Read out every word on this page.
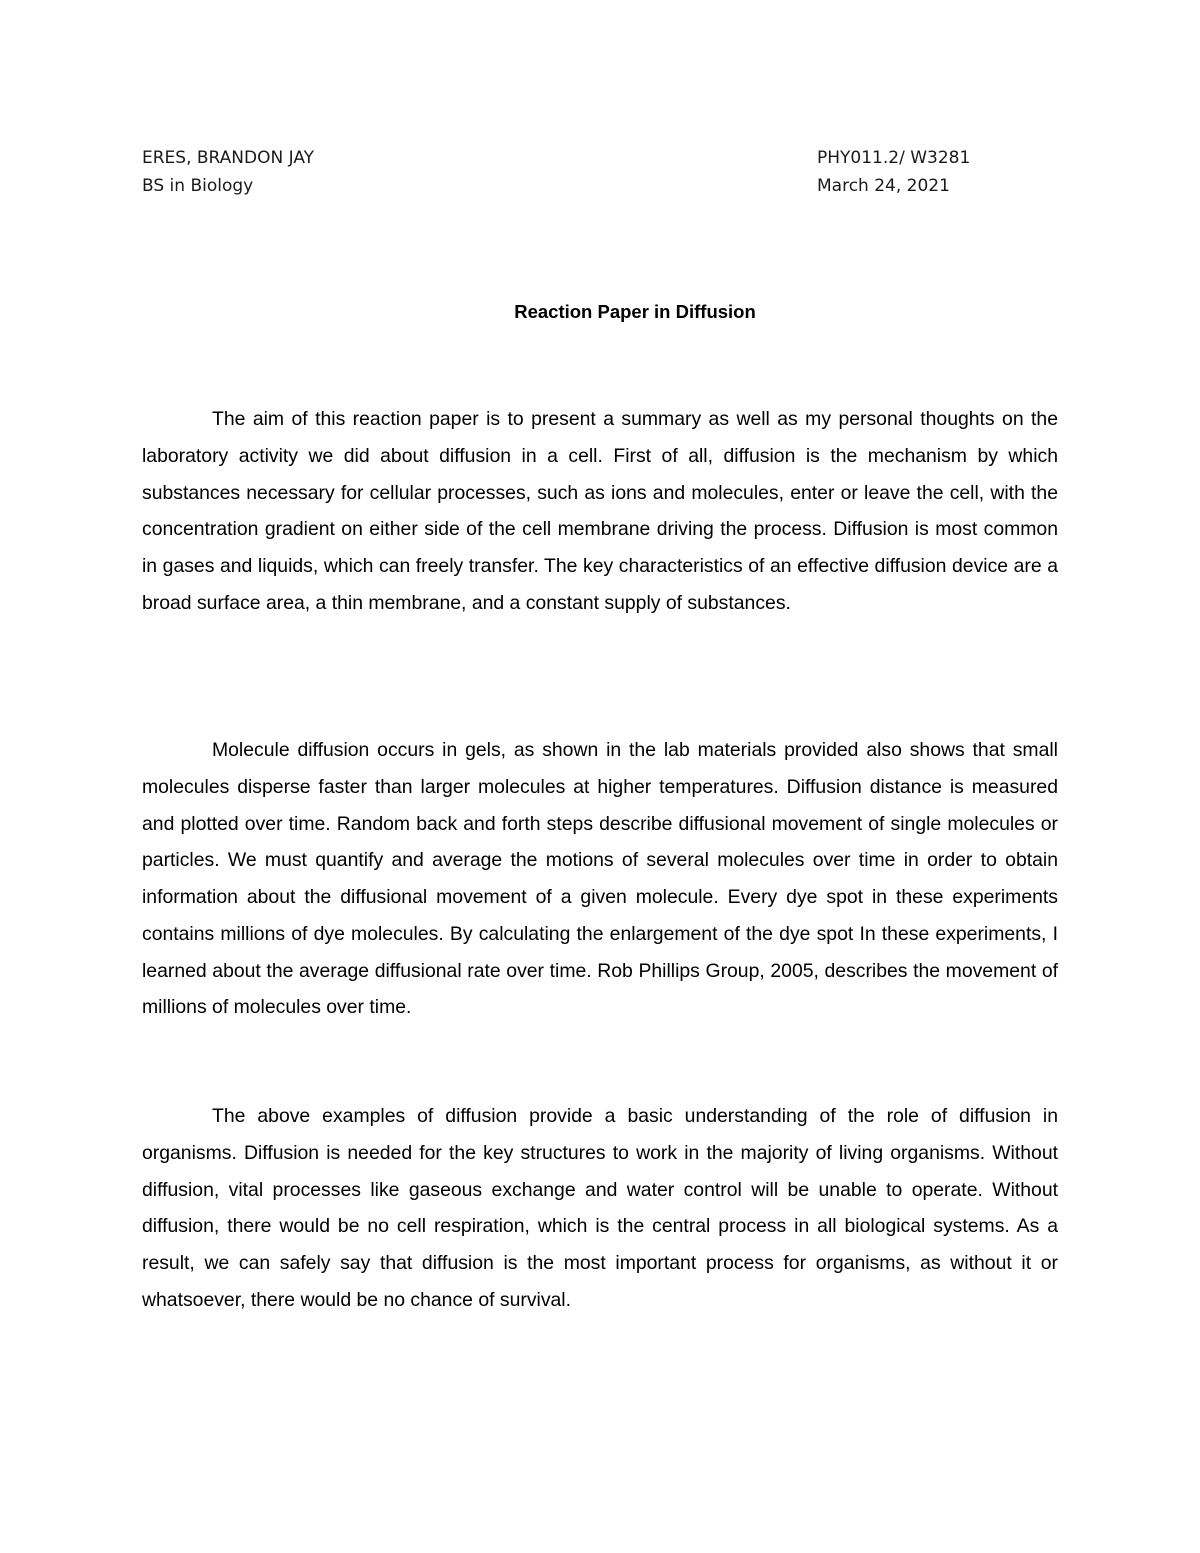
ERES, BRANDON JAY
BS in Biology
PHY011.2/ W3281
March 24, 2021
Reaction Paper in Diffusion

The aim of this reaction paper is to present a summary as well as my personal thoughts on the laboratory activity we did about diffusion in a cell. First of all, diffusion is the mechanism by which substances necessary for cellular processes, such as ions and molecules, enter or leave the cell, with the concentration gradient on either side of the cell membrane driving the process. Diffusion is most common in gases and liquids, which can freely transfer. The key characteristics of an effective diffusion device are a broad surface area, a thin membrane, and a constant supply of substances.

Molecule diffusion occurs in gels, as shown in the lab materials provided also shows that small molecules disperse faster than larger molecules at higher temperatures. Diffusion distance is measured and plotted over time. Random back and forth steps describe diffusional movement of single molecules or particles. We must quantify and average the motions of several molecules over time in order to obtain information about the diffusional movement of a given molecule. Every dye spot in these experiments contains millions of dye molecules. By calculating the enlargement of the dye spot In these experiments, I learned about the average diffusional rate over time. Rob Phillips Group, 2005, describes the movement of millions of molecules over time.

The above examples of diffusion provide a basic understanding of the role of diffusion in organisms. Diffusion is needed for the key structures to work in the majority of living organisms. Without diffusion, vital processes like gaseous exchange and water control will be unable to operate. Without diffusion, there would be no cell respiration, which is the central process in all biological systems. As a result, we can safely say that diffusion is the most important process for organisms, as without it or whatsoever, there would be no chance of survival.
